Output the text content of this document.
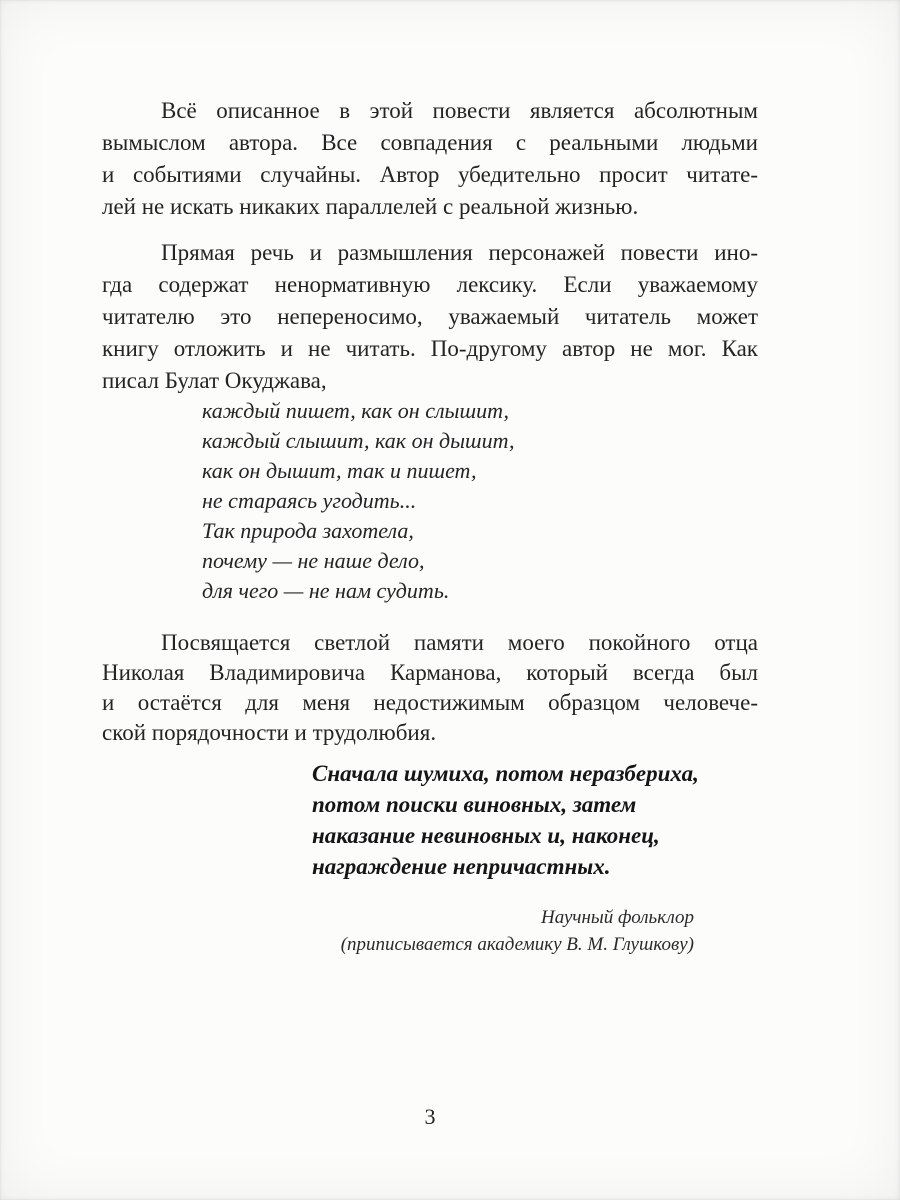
Всё описанное в этой повести является абсолютным
вымыслом автора. Все совпадения с реальными людьми
и событиями случайны. Автор убедительно просит читате-
лей не искать никаких параллелей с реальной жизнью.
Прямая речь и размышления персонажей повести ино-
гда содержат ненормативную лексику. Если уважаемому
читателю это непереносимо, уважаемый читатель может
книгу отложить и не читать. По-другому автор не мог. Как
писал Булат Окуджава,
каждый пишет, как он слышит,
каждый слышит, как он дышит,
как он дышит, так и пишет,
не стараясь угодить...
Так природа захотела,
почему — не наше дело,
для чего — не нам судить.
Посвящается светлой памяти моего покойного отца
Николая Владимировича Карманова, который всегда был
и остаётся для меня недостижимым образцом человече-
ской порядочности и трудолюбия.
Сначала шумиха, потом неразбериха,
потом поиски виновных, затем
наказание невиновных и, наконец,
награждение непричастных.
Научный фольклор
(приписывается академику В. М. Глушкову)
3
